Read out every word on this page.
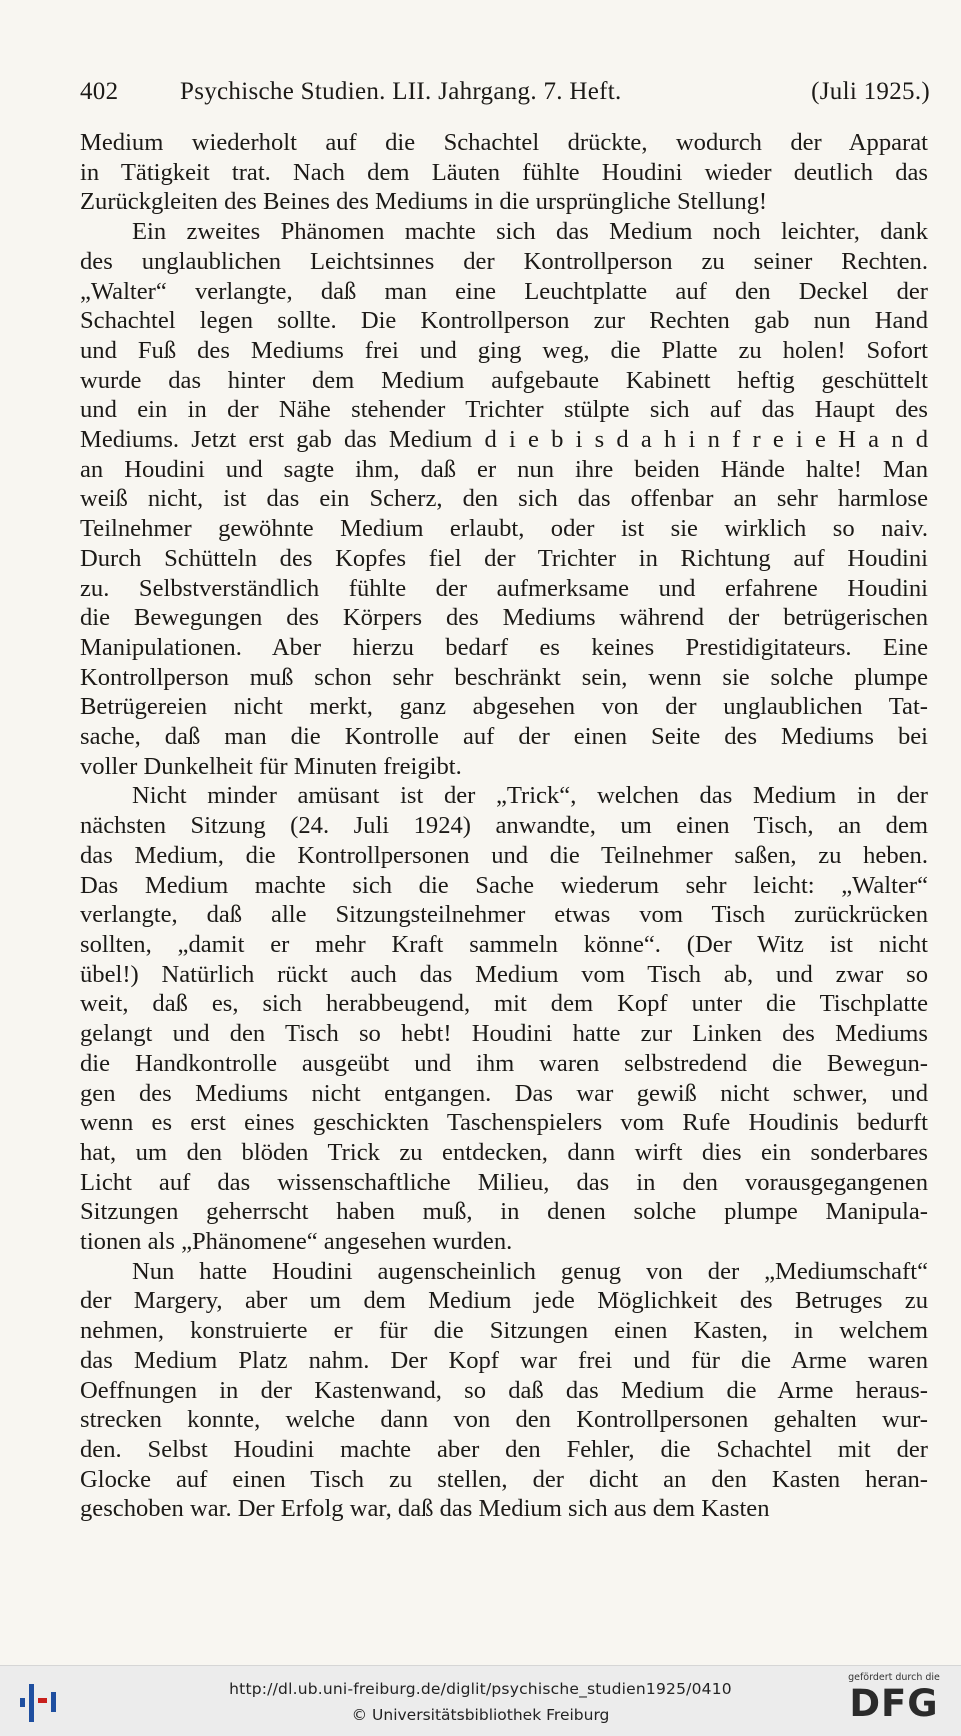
402 Psychische Studien. LII. Jahrgang. 7. Heft.	(Juli 1925.)
Medium wiederholt auf die Schachtel drückte, wodurch der Apparat
in Tätigkeit trat. Nach dem Läuten fühlte Houdini wieder deutlich das
Zurückgleiten des Beines des Mediums in die ursprüngliche Stellung!
Ein zweites Phänomen machte sich das Medium noch leichter, dank
des unglaublichen Leichtsinnes der Kontrollperson zu seiner Rechten.
„Walter“ verlangte, daß man eine Leuchtplatte auf den Deckel der
Schachtel legen sollte. Die Kontrollperson zur Rechten gab nun Hand
und Fuß des Mediums frei und ging weg, die Platte zu holen! Sofort
wurde das hinter dem Medium aufgebaute Kabinett heftig geschüttelt
und ein in der Nähe stehender Trichter stülpte sich auf das Haupt des
Mediums. Jetzt erst gab das Medium d i e b i s d a h i n f r e i e H a n d
an Houdini und sagte ihm, daß er nun ihre beiden Hände halte! Man
weiß nicht, ist das ein Scherz, den sich das offenbar an sehr harmlose
Teilnehmer gewöhnte Medium erlaubt, oder ist sie wirklich so naiv.
Durch Schütteln des Kopfes fiel der Trichter in Richtung auf Houdini
zu. Selbstverständlich fühlte der aufmerksame und erfahrene Houdini
die Bewegungen des Körpers des Mediums während der betrügerischen
Manipulationen. Aber hierzu bedarf es keines Prestidigitateurs. Eine
Kontrollperson muß schon sehr beschränkt sein, wenn sie solche plumpe
Betrügereien nicht merkt, ganz abgesehen von der unglaublichen Tat-
sache, daß man die Kontrolle auf der einen Seite des Mediums bei
voller Dunkelheit für Minuten freigibt.
Nicht minder amüsant ist der „Trick“, welchen das Medium in der
nächsten Sitzung (24. Juli 1924) anwandte, um einen Tisch, an dem
das Medium, die Kontrollpersonen und die Teilnehmer saßen, zu heben.
Das Medium machte sich die Sache wiederum sehr leicht: „Walter“
verlangte, daß alle Sitzungsteilnehmer etwas vom Tisch zurückrücken
sollten, „damit er mehr Kraft sammeln könne“. (Der Witz ist nicht
übel!) Natürlich rückt auch das Medium vom Tisch ab, und zwar so
weit, daß es, sich herabbeugend, mit dem Kopf unter die Tischplatte
gelangt und den Tisch so hebt! Houdini hatte zur Linken des Mediums
die Handkontrolle ausgeübt und ihm waren selbstredend die Bewegun-
gen des Mediums nicht entgangen. Das war gewiß nicht schwer, und
wenn es erst eines geschickten Taschenspielers vom Rufe Houdinis bedurft
hat, um den blöden Trick zu entdecken, dann wirft dies ein sonderbares
Licht auf das wissenschaftliche Milieu, das in den vorausgegangenen
Sitzungen geherrscht haben muß, in denen solche plumpe Manipula-
tionen als „Phänomene“ angesehen wurden.
Nun hatte Houdini augenscheinlich genug von der „Mediumschaft“
der Margery, aber um dem Medium jede Möglichkeit des Betruges zu
nehmen, konstruierte er für die Sitzungen einen Kasten, in welchem
das Medium Platz nahm. Der Kopf war frei und für die Arme waren
Oeffnungen in der Kastenwand, so daß das Medium die Arme heraus-
strecken konnte, welche dann von den Kontrollpersonen gehalten wur-
den. Selbst Houdini machte aber den Fehler, die Schachtel mit der
Glocke auf einen Tisch zu stellen, der dicht an den Kasten heran-
geschoben war. Der Erfolg war, daß das Medium sich aus dem Kasten
http://dl.ub.uni-freiburg.de/diglit/psychische_studien1925/0410
© Universitätsbibliothek Freiburg
gefördert durch die
DFG
